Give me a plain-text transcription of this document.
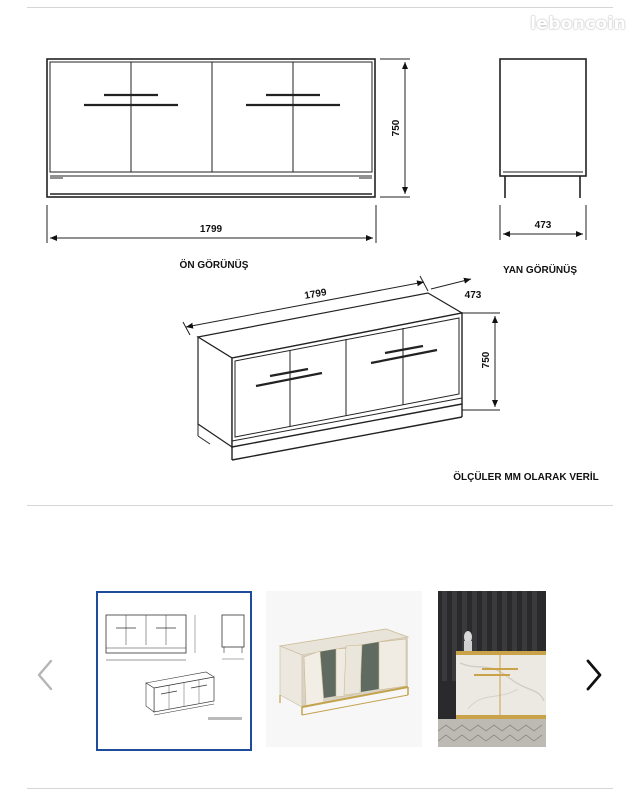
1799
750
ÖN GÖRÜNÜŞ
473
YAN GÖRÜNÜŞ
1799	473
750
ÖLÇÜLER MM OLARAK VERİL
leboncoin
